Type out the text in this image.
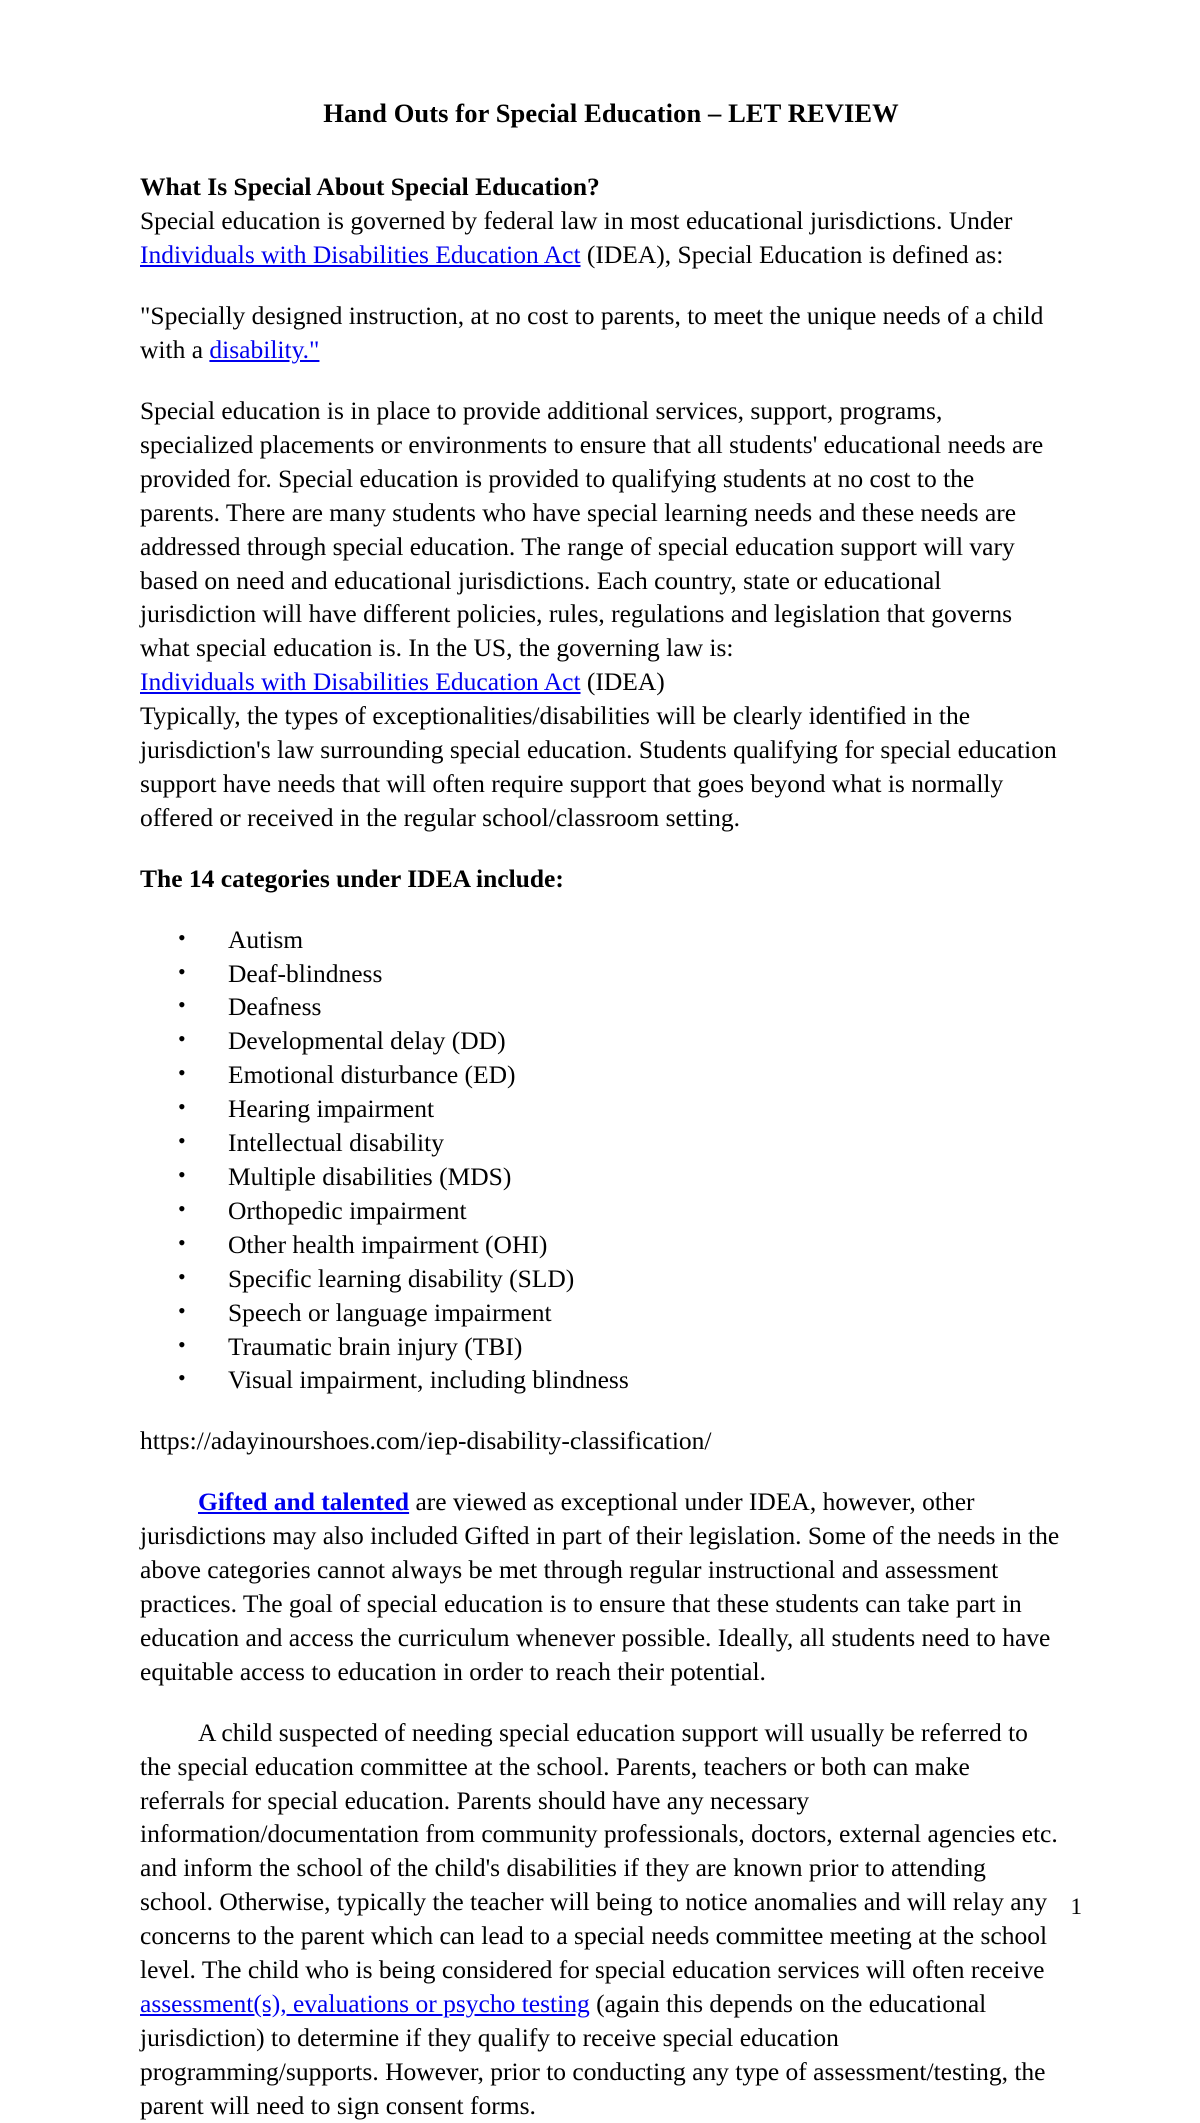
Hand Outs for Special Education – LET REVIEW

What Is Special About Special Education?

Special education is governed by federal law in most educational jurisdictions. Under Individuals with Disabilities Education Act (IDEA), Special Education is defined as:

"Specially designed instruction, at no cost to parents, to meet the unique needs of a child with a disability."

Special education is in place to provide additional services, support, programs, specialized placements or environments to ensure that all students' educational needs are provided for. Special education is provided to qualifying students at no cost to the parents. There are many students who have special learning needs and these needs are addressed through special education. The range of special education support will vary based on need and educational jurisdictions. Each country, state or educational jurisdiction will have different policies, rules, regulations and legislation that governs what special education is. In the US, the governing law is:

Individuals with Disabilities Education Act (IDEA)

Typically, the types of exceptionalities/disabilities will be clearly identified in the jurisdiction's law surrounding special education. Students qualifying for special education support have needs that will often require support that goes beyond what is normally offered or received in the regular school/classroom setting.

The 14 categories under IDEA include:

• Autism
• Deaf-blindness
• Deafness
• Developmental delay (DD)
• Emotional disturbance (ED)
• Hearing impairment
• Intellectual disability
• Multiple disabilities (MDS)
• Orthopedic impairment
• Other health impairment (OHI)
• Specific learning disability (SLD)
• Speech or language impairment
• Traumatic brain injury (TBI)
• Visual impairment, including blindness

https://adayinourshoes.com/iep-disability-classification/

Gifted and talented are viewed as exceptional under IDEA, however, other jurisdictions may also included Gifted in part of their legislation. Some of the needs in the above categories cannot always be met through regular instructional and assessment practices. The goal of special education is to ensure that these students can take part in education and access the curriculum whenever possible. Ideally, all students need to have equitable access to education in order to reach their potential.

A child suspected of needing special education support will usually be referred to the special education committee at the school. Parents, teachers or both can make referrals for special education. Parents should have any necessary information/documentation from community professionals, doctors, external agencies etc. and inform the school of the child's disabilities if they are known prior to attending school. Otherwise, typically the teacher will being to notice anomalies and will relay any concerns to the parent which can lead to a special needs committee meeting at the school level. The child who is being considered for special education services will often receive assessment(s), evaluations or psycho testing (again this depends on the educational jurisdiction) to determine if they qualify to receive special education programming/supports. However, prior to conducting any type of assessment/testing, the parent will need to sign consent forms.

1
